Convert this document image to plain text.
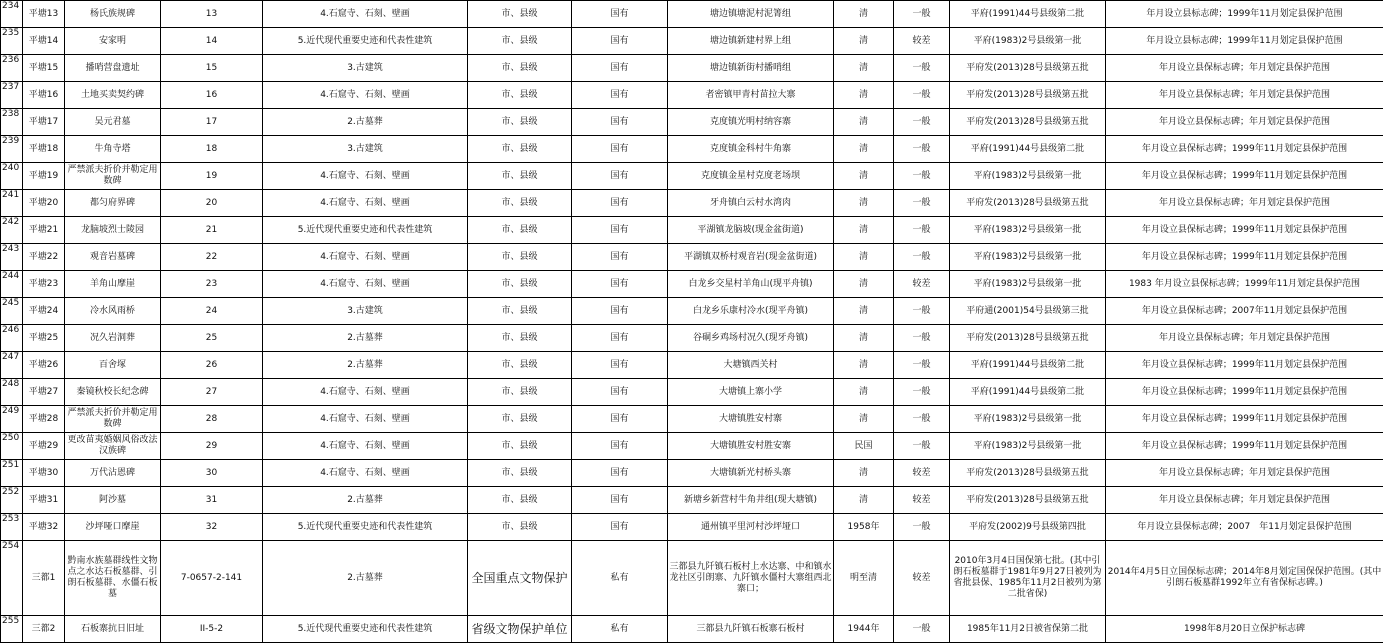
234	平塘13	杨氏族规碑	13	4.石窟寺、石刻、壁画	市、县级	国有	塘边镇塘泥村泥箐组	清	一般	平府(1991)44号县级第二批	年月设立县标志碑；1999年11月划定县保护范围
235	平塘14	安家明	14	5.近代现代重要史迹和代表性建筑	市、县级	国有	塘边镇新建村界上组	清	较差	平府(1983)2号县级第一批	年月设立县标志碑；1999年11月划定县保护范围
236	平塘15	播哨营盘遗址	15	3.古建筑	市、县级	国有	塘边镇新街村播哨组	清	一般	平府发(2013)28号县级第五批	年月设立县保标志碑；年月划定县保护范围
237	平塘16	土地买卖契约碑	16	4.石窟寺、石刻、壁画	市、县级	国有	者密镇甲青村苗拉大寨	清	一般	平府发(2013)28号县级第五批	年月设立县保标志碑；年月划定县保护范围
238	平塘17	吴元君墓	17	2.古墓葬	市、县级	国有	克度镇光明村纳容寨	清	一般	平府发(2013)28号县级第五批	年月设立县保标志碑；年月划定县保护范围
239	平塘18	牛角寺塔	18	3.古建筑	市、县级	国有	克度镇金科村牛角寨	清	一般	平府(1991)44号县级第二批	年月设立县保标志碑；1999年11月划定县保护范围
240	平塘19	严禁派夫折价并勒定用数碑	19	4.石窟寺、石刻、壁画	市、县级	国有	克度镇金星村克度老场坝	清	一般	平府(1983)2号县级第一批	年月设立县保标志碑；1999年11月划定县保护范围
241	平塘20	都匀府界碑	20	4.石窟寺、石刻、壁画	市、县级	国有	牙舟镇白云村水湾肉	清	一般	平府发(2013)28号县级第五批	年月设立县保标志碑；年月划定县保护范围
242	平塘21	龙脑坡烈士陵园	21	5.近代现代重要史迹和代表性建筑	市、县级	国有	平湖镇龙脑坡(现金盆街道)	清	一般	平府(1983)2号县级第一批	年月设立县保标志碑；1999年11月划定县保护范围
243	平塘22	观音岩墓碑	22	4.石窟寺、石刻、壁画	市、县级	国有	平湖镇双桥村观音岩(现金盆街道)	清	一般	平府(1983)2号县级第一批	年月设立县保标志碑；1999年11月划定县保护范围
244	平塘23	羊角山摩崖	23	4.石窟寺、石刻、壁画	市、县级	国有	白龙乡交星村羊角山(现平舟镇)	清	较差	平府(1983)2号县级第一批	1983 年月设立县保标志碑；1999年11月划定县保护范围
245	平塘24	冷水风雨桥	24	3.古建筑	市、县级	国有	白龙乡乐康村冷水(现平舟镇)	清	一般	平府通(2001)54号县级第三批	年月设立县保标志碑；2007年11月划定县保护范围
246	平塘25	况久岩洞葬	25	2.古墓葬	市、县级	国有	谷硐乡鸡场村况久(现牙舟镇)	清	一般	平府发(2013)28号县级第五批	年月设立县保标志碑；年月划定县保护范围
247	平塘26	百舍塚	26	2.古墓葬	市、县级	国有	大塘镇西关村	清	一般	平府(1991)44号县级第二批	年月设立县保标志碑；1999年11月划定县保护范围
248	平塘27	秦镜秋校长纪念碑	27	4.石窟寺、石刻、壁画	市、县级	国有	大塘镇上寨小学	清	一般	平府(1991)44号县级第二批	年月设立县保标志碑；1999年11月划定县保护范围
249	平塘28	严禁派夫折价并勒定用数碑	28	4.石窟寺、石刻、壁画	市、县级	国有	大塘镇胜安村寨	清	一般	平府(1983)2号县级第一批	年月设立县保标志碑；1999年11月划定县保护范围
250	平塘29	更改苗夷婚姻风俗改法汉族碑	29	4.石窟寺、石刻、壁画	市、县级	国有	大塘镇胜安村胜安寨	民国	一般	平府(1983)2号县级第一批	年月设立县保标志碑；1999年11月划定县保护范围
251	平塘30	万代沾恩碑	30	4.石窟寺、石刻、壁画	市、县级	国有	大塘镇新光村桥头寨	清	较差	平府发(2013)28号县级第五批	年月设立县保标志碑；年月划定县保护范围
252	平塘31	阿沙墓	31	2.古墓葬	市、县级	国有	新塘乡新营村牛角井组(现大塘镇)	清	较差	平府发(2013)28号县级第五批	年月设立县保标志碑；年月划定县保护范围
253	平塘32	沙坪哑口摩崖	32	5.近代现代重要史迹和代表性建筑	市、县级	国有	通州镇平里河村沙坪垭口	1958年	一般	平府发(2002)9号县级第四批	年月设立县保标志碑；2007　年11月划定县保护范围
254	三都1	黔南水族墓群线性文物点之水达石板墓群、引朗石板墓群、水僵石板墓	7-0657-2-141	2.古墓葬	全国重点文物保护	私有	三都县九阡镇石板村上水达寨、中和镇水龙社区引朗寨、九阡镇水僵村大寨组西北寨口；	明至清	较差	2010年3月4日国保第七批。(其中引朗石板墓群于1981年9月27日被列为省批县保、1985年11月2日被列为第二批省保)	2014年4月5日立国保标志碑；2014年8月划定国保保护范围。(其中引朗石板墓群1992年立有省保标志碑。)
255	三都2	石板寨抗日旧址	II-5-2	5.近代现代重要史迹和代表性建筑	省级文物保护单位	私有	三都县九阡镇石板寨石板村	1944年	一般	1985年11月2日被省保第二批	1998年8月20日立保护标志碑
